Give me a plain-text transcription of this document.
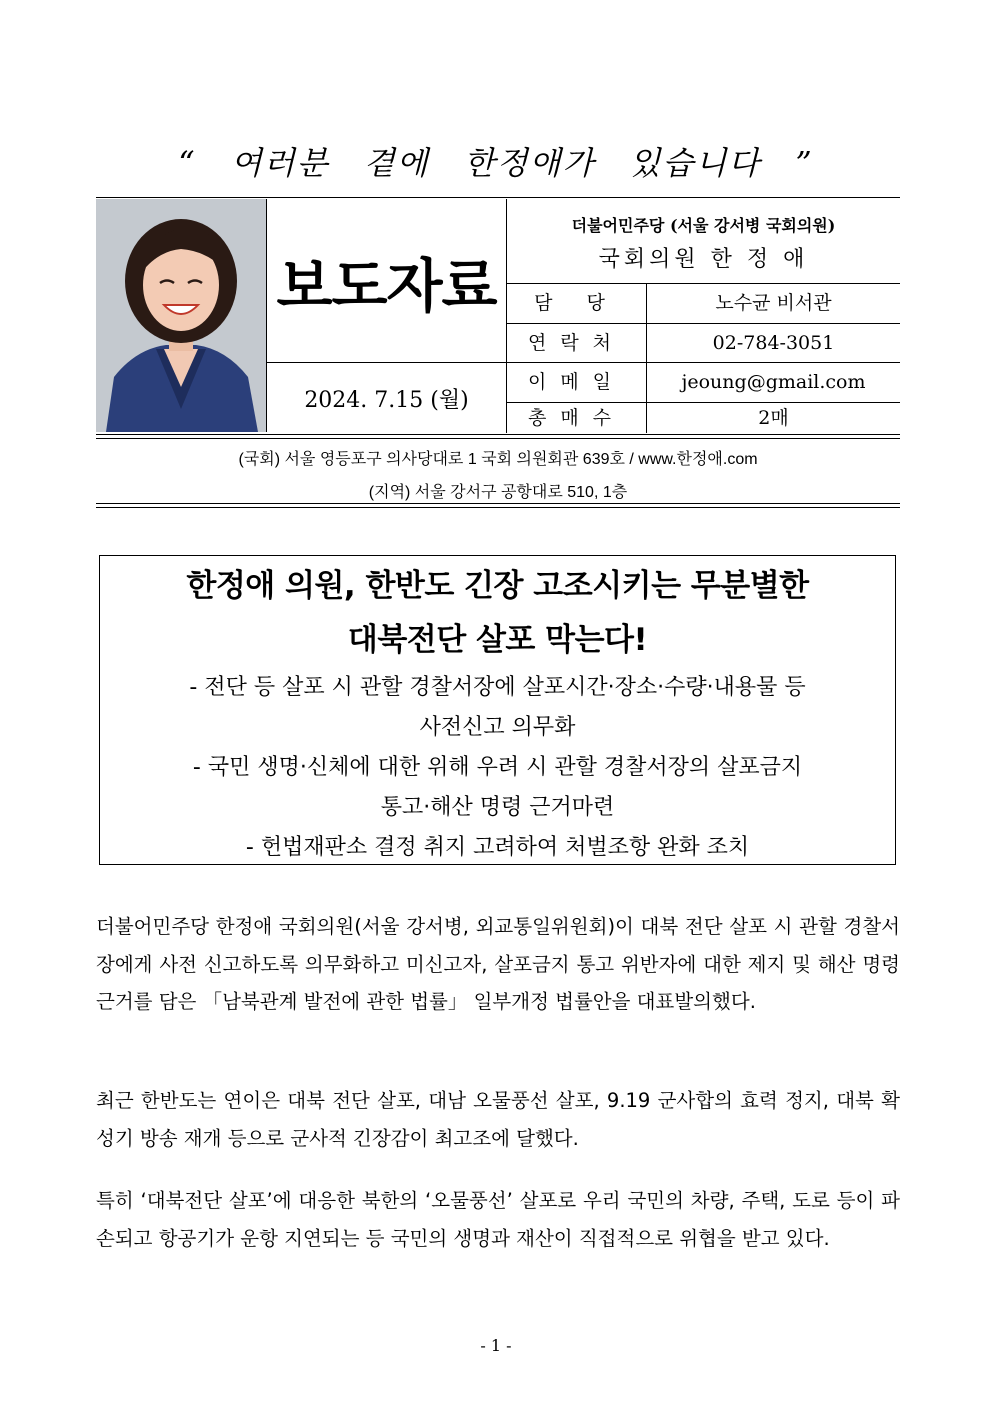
“ 여러분 곁에 한정애가 있습니다 ”
보도자료
2024. 7.15 (월)
더불어민주당 (서울 강서병 국회의원)
국회의원 한 정 애
담 당	노수균 비서관
연락처	02-784-3051
이메일	jeoung@gmail.com
총매수	2매
(국회) 서울 영등포구 의사당대로 1 국회 의원회관 639호 / www.한정애.com
(지역) 서울 강서구 공항대로 510, 1층
한정애 의원, 한반도 긴장 고조시키는 무분별한
대북전단 살포 막는다!
- 전단 등 살포 시 관할 경찰서장에 살포시간·장소·수량·내용물 등
사전신고 의무화
- 국민 생명·신체에 대한 위해 우려 시 관할 경찰서장의 살포금지
통고·해산 명령 근거마련
- 헌법재판소 결정 취지 고려하여 처벌조항 완화 조치
더불어민주당 한정애 국회의원(서울 강서병, 외교통일위원회)이 대북 전단 살포 시 관할 경찰서장에게 사전 신고하도록 의무화하고 미신고자, 살포금지 통고 위반자에 대한 제지 및 해산 명령 근거를 담은 「남북관계 발전에 관한 법률」 일부개정 법률안을 대표발의했다.
최근 한반도는 연이은 대북 전단 살포, 대남 오물풍선 살포, 9.19 군사합의 효력 정지, 대북 확성기 방송 재개 등으로 군사적 긴장감이 최고조에 달했다.
특히 ‘대북전단 살포’에 대응한 북한의 ‘오물풍선’ 살포로 우리 국민의 차량, 주택, 도로 등이 파손되고 항공기가 운항 지연되는 등 국민의 생명과 재산이 직접적으로 위협을 받고 있다.
- 1 -
